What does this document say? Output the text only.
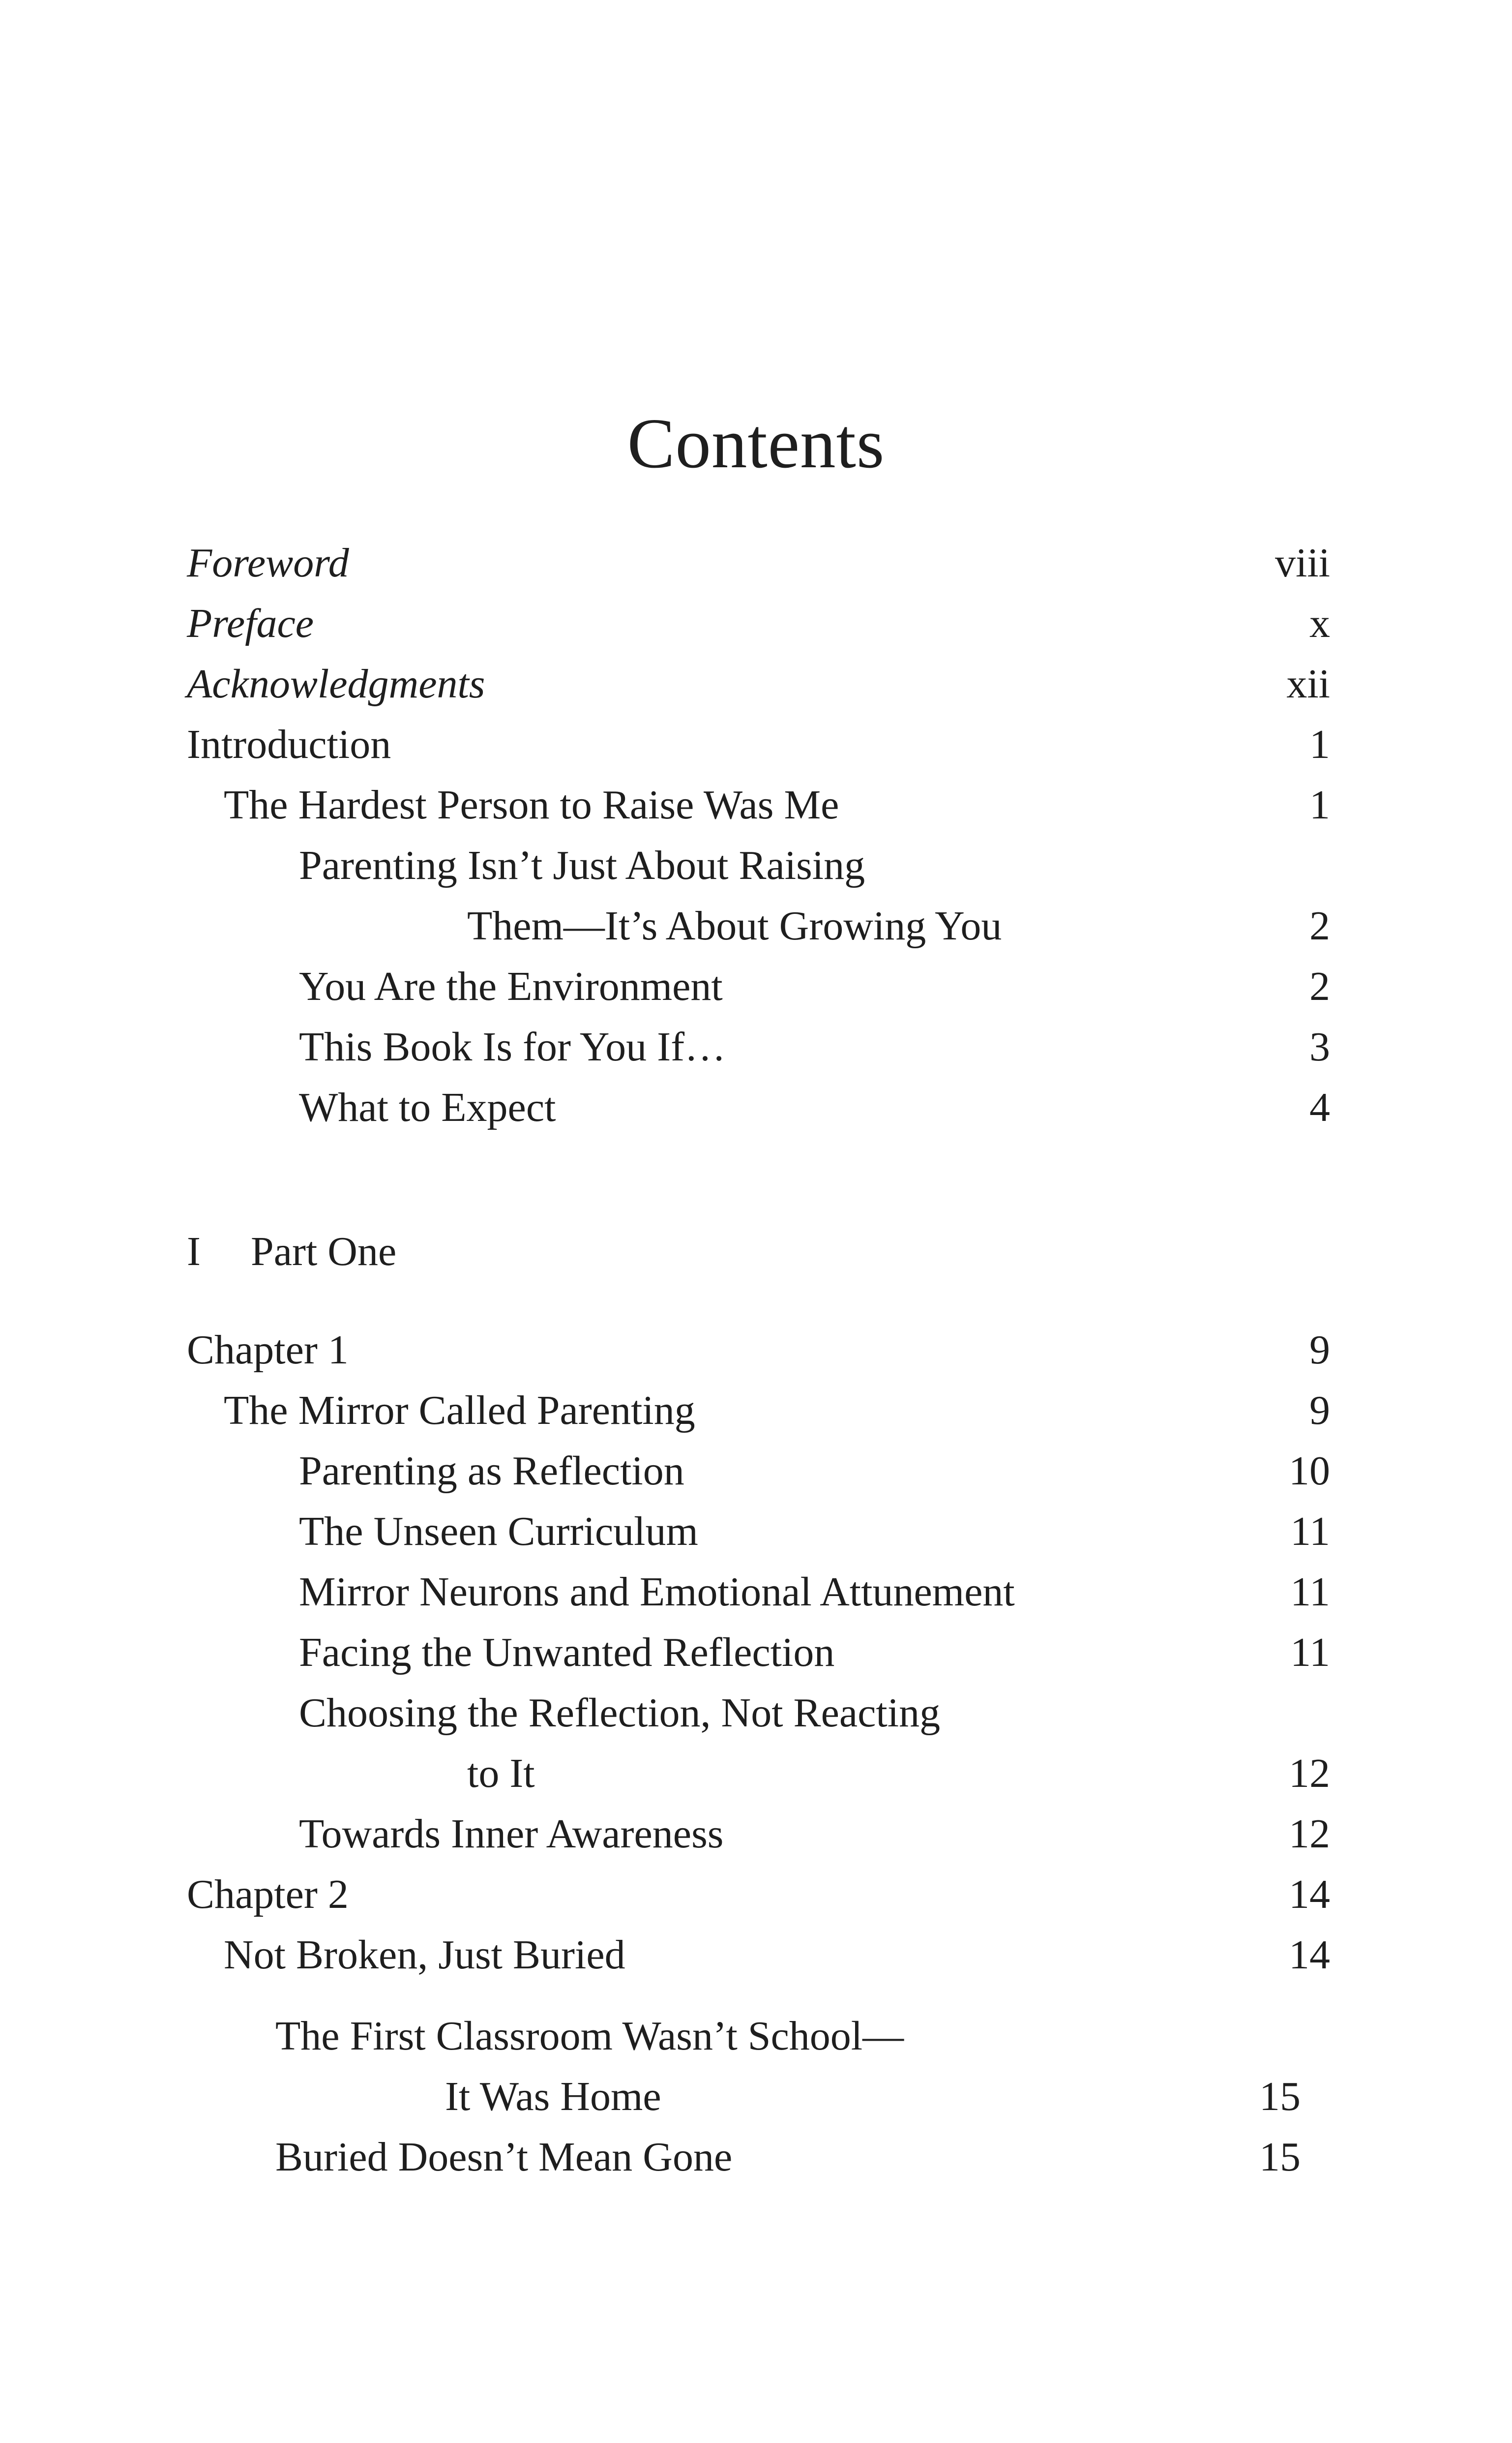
Contents
Foreword	viii
Preface	x
Acknowledgments	xii
Introduction	1
The Hardest Person to Raise Was Me	1
Parenting Isn’t Just About Raising
Them—It’s About Growing You	2
You Are the Environment	2
This Book Is for You If…	3
What to Expect	4
I Part One
Chapter 1	9
The Mirror Called Parenting	9
Parenting as Reflection	10
The Unseen Curriculum	11
Mirror Neurons and Emotional Attunement	11
Facing the Unwanted Reflection	11
Choosing the Reflection, Not Reacting
to It	12
Towards Inner Awareness	12
Chapter 2	14
Not Broken, Just Buried	14
The First Classroom Wasn’t School—
It Was Home	15
Buried Doesn’t Mean Gone	15
